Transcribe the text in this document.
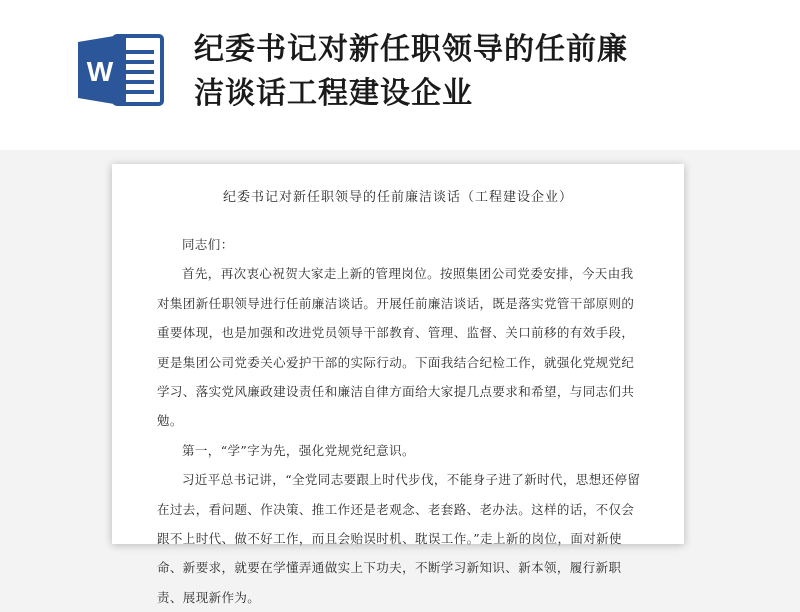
W
纪委书记对新任职领导的任前廉
洁谈话工程建设企业
纪委书记对新任职领导的任前廉洁谈话（工程建设企业）

同志们：

首先，再次衷心祝贺大家走上新的管理岗位。按照集团公司党委安排，今天由我对集团新任职领导进行任前廉洁谈话。开展任前廉洁谈话，既是落实党管干部原则的重要体现，也是加强和改进党员领导干部教育、管理、监督、关口前移的有效手段，更是集团公司党委关心爱护干部的实际行动。下面我结合纪检工作，就强化党规党纪学习、落实党风廉政建设责任和廉洁自律方面给大家提几点要求和希望，与同志们共勉。

第一，“学”字为先，强化党规党纪意识。

习近平总书记讲，“全党同志要跟上时代步伐，不能身子进了新时代，思想还停留在过去，看问题、作决策、推工作还是老观念、老套路、老办法。这样的话，不仅会跟不上时代、做不好工作，而且会贻误时机、耽误工作。”走上新的岗位，面对新使命、新要求，就要在学懂弄通做实上下功夫，不断学习新知识、新本领，履行新职责、展现新作为。
